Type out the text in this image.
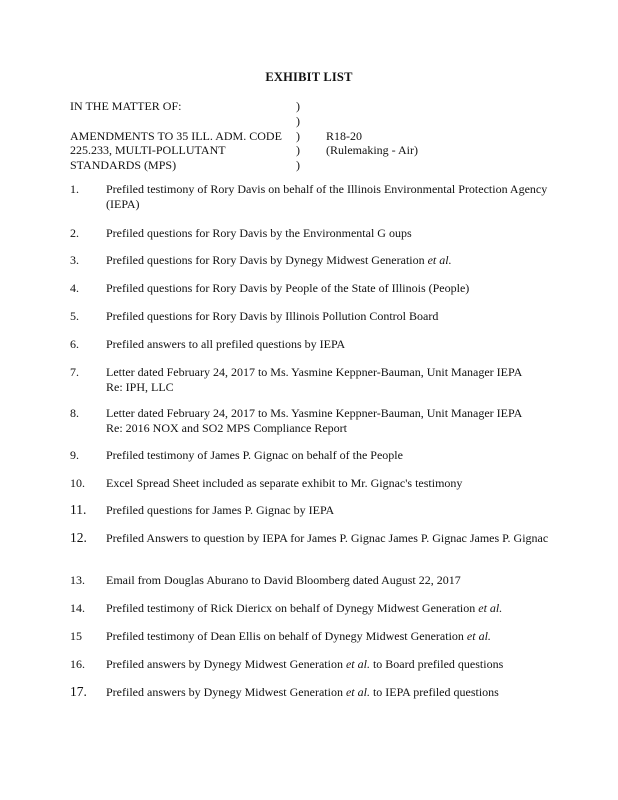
EXHIBIT LIST
IN THE MATTER OF:	)
)
AMENDMENTS TO 35 ILL. ADM. CODE	)	R18-20
225.233, MULTI-POLLUTANT	)	(Rulemaking - Air)
STANDARDS (MPS)	)
1.	Prefiled testimony of Rory Davis on behalf of the Illinois Environmental Protection Agency (IEPA)
2.	Prefiled questions for Rory Davis by the Environmental G oups
3.	Prefiled questions for Rory Davis by Dynegy Midwest Generation et al.
4.	Prefiled questions for Rory Davis by People of the State of Illinois (People)
5.	Prefiled questions for Rory Davis by Illinois Pollution Control Board
6.	Prefiled answers to all prefiled questions by IEPA
7.	Letter dated February 24, 2017 to Ms. Yasmine Keppner-Bauman, Unit Manager IEPA
Re: IPH, LLC
8.	Letter dated February 24, 2017 to Ms. Yasmine Keppner-Bauman, Unit Manager IEPA
Re: 2016 NOX and SO2 MPS Compliance Report
9.	Prefiled testimony of James P. Gignac on behalf of the People
10.	Excel Spread Sheet included as separate exhibit to Mr. Gignac's testimony
11.	Prefiled questions for James P. Gignac by IEPA
12.	Prefiled Answers to question by IEPA for James P. Gignac James P. Gignac James P. Gignac
13.	Email from Douglas Aburano to David Bloomberg dated August 22, 2017
14.	Prefiled testimony of Rick Diericx on behalf of Dynegy Midwest Generation et al.
15	Prefiled testimony of Dean Ellis on behalf of Dynegy Midwest Generation et al.
16.	Prefiled answers by Dynegy Midwest Generation et al. to Board prefiled questions
17.	Prefiled answers by Dynegy Midwest Generation et al. to IEPA prefiled questions
